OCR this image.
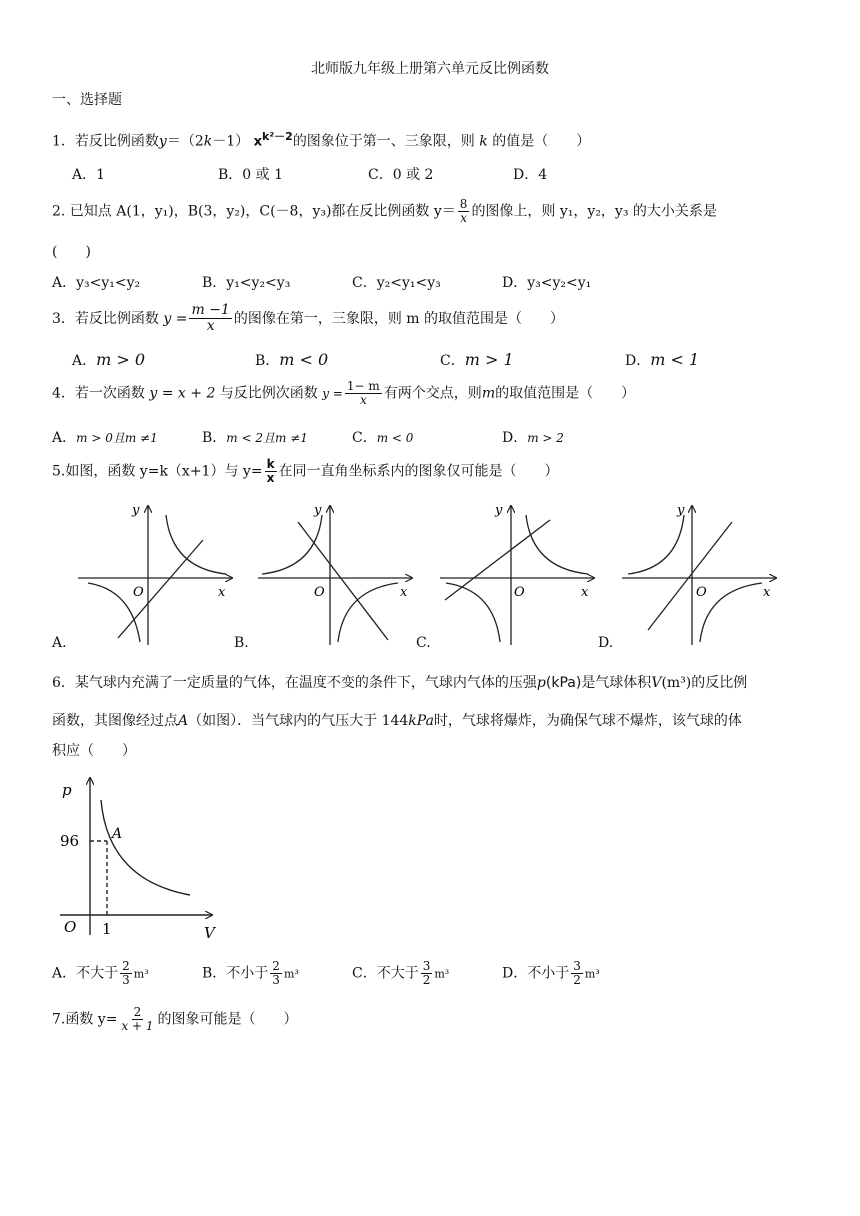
北师版九年级上册第六单元反比例函数
一、选择题
1．若反比例函数y＝（2k－1） $x^{k^2-2}$的图象位于第一、三象限，则 k 的值是（　　）
A．1	B．0 或 1	C．0 或 2	D．4
2. 已知点 A(1，y₁)，B(3，y₂)，C(－8，y₃)都在反比例函数 $y= \frac{8}{x}$ 的图像上，则 y₁，y₂，y₃ 的大小关系是
(　　)
A．y₃<y₁<y₂	B．y₁<y₂<y₃	C．y₂<y₁<y₃	D．y₃<y₂<y₁
3．若反比例函数 $y = \frac{m -1}{x}$ 的图像在第一，三象限，则 m 的取值范围是（　　）
A．m > 0	B．m < 0	C．m > 1	D．m < 1
4．若一次函数 y = x + 2 与反比例次函数 $y = \frac{1- m}{x}$ 有两个交点，则m的取值范围是（　　）
A．m > 0且m ≠1	B．m < 2且m ≠1	C．m < 0	D．m > 2
5.如图，函数 y=k（x+1）与 $y= \frac{k}{x}$ 在同一直角坐标系内的图象仅可能是（　　）
y
x
O
y
x
O
y
x
O
y
x
O
p
V
O
96
1
A
A.	B.	C.	D.
6．某气球内充满了一定质量的气体，在温度不变的条件下，气球内气体的压强p(kPa)是气球体积V(m³)的反比例
函数，其图像经过点A（如图）．当气球内的气压大于 144kPa时，气球将爆炸，为确保气球不爆炸，该气球的体
积应（　　）
A．不大于 $\frac{2}{3} m^3$	B．不小于 $\frac{2}{3} m^3$	C．不大于 $\frac{3}{2} m^3$	D．不小于 $\frac{3}{2} m^3$
7.函数 $y= \frac{2}{x + 1}$ 的图象可能是（　　）
